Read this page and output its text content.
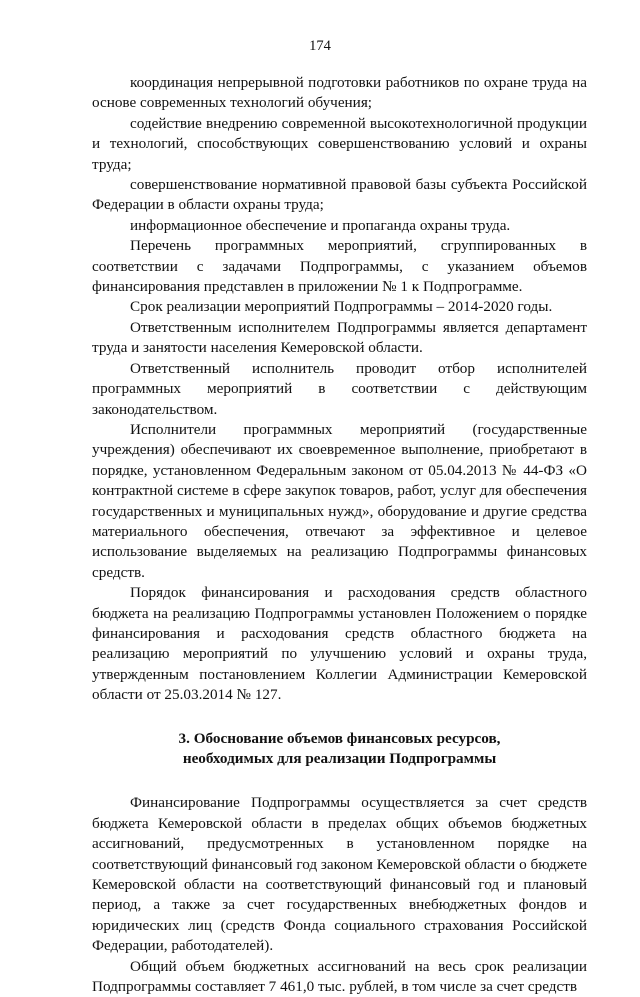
174

координация непрерывной подготовки работников по охране труда на основе современных технологий обучения;

содействие внедрению современной высокотехнологичной продукции и технологий, способствующих совершенствованию условий и охраны труда;

совершенствование нормативной правовой базы субъекта Российской Федерации в области охраны труда;

информационное обеспечение и пропаганда охраны труда.

Перечень программных мероприятий, сгруппированных в соответствии с задачами Подпрограммы, с указанием объемов финансирования представлен в приложении № 1 к Подпрограмме.

Срок реализации мероприятий Подпрограммы – 2014-2020 годы.

Ответственным исполнителем Подпрограммы является департамент труда и занятости населения Кемеровской области.

Ответственный исполнитель проводит отбор исполнителей программных мероприятий в соответствии с действующим законодательством.

Исполнители программных мероприятий (государственные учреждения) обеспечивают их своевременное выполнение, приобретают в порядке, установленном Федеральным законом от 05.04.2013 № 44-ФЗ «О контрактной системе в сфере закупок товаров, работ, услуг для обеспечения государственных и муниципальных нужд», оборудование и другие средства материального обеспечения, отвечают за эффективное и целевое использование выделяемых на реализацию Подпрограммы финансовых средств.

Порядок финансирования и расходования средств областного бюджета на реализацию Подпрограммы установлен Положением о порядке финансирования и расходования средств областного бюджета на реализацию мероприятий по улучшению условий и охраны труда, утвержденным постановлением Коллегии Администрации Кемеровской области от 25.03.2014 № 127.

3. Обоснование объемов финансовых ресурсов,
необходимых для реализации Подпрограммы

Финансирование Подпрограммы осуществляется за счет средств бюджета Кемеровской области в пределах общих объемов бюджетных ассигнований, предусмотренных в установленном порядке на соответствующий финансовый год законом Кемеровской области о бюджете Кемеровской области на соответствующий финансовый год и плановый период, а также за счет государственных внебюджетных фондов и юридических лиц (средств Фонда социального страхования Российской Федерации, работодателей).

Общий объем бюджетных ассигнований на весь срок реализации Подпрограммы составляет 7 461,0 тыс. рублей, в том числе за счет средств
